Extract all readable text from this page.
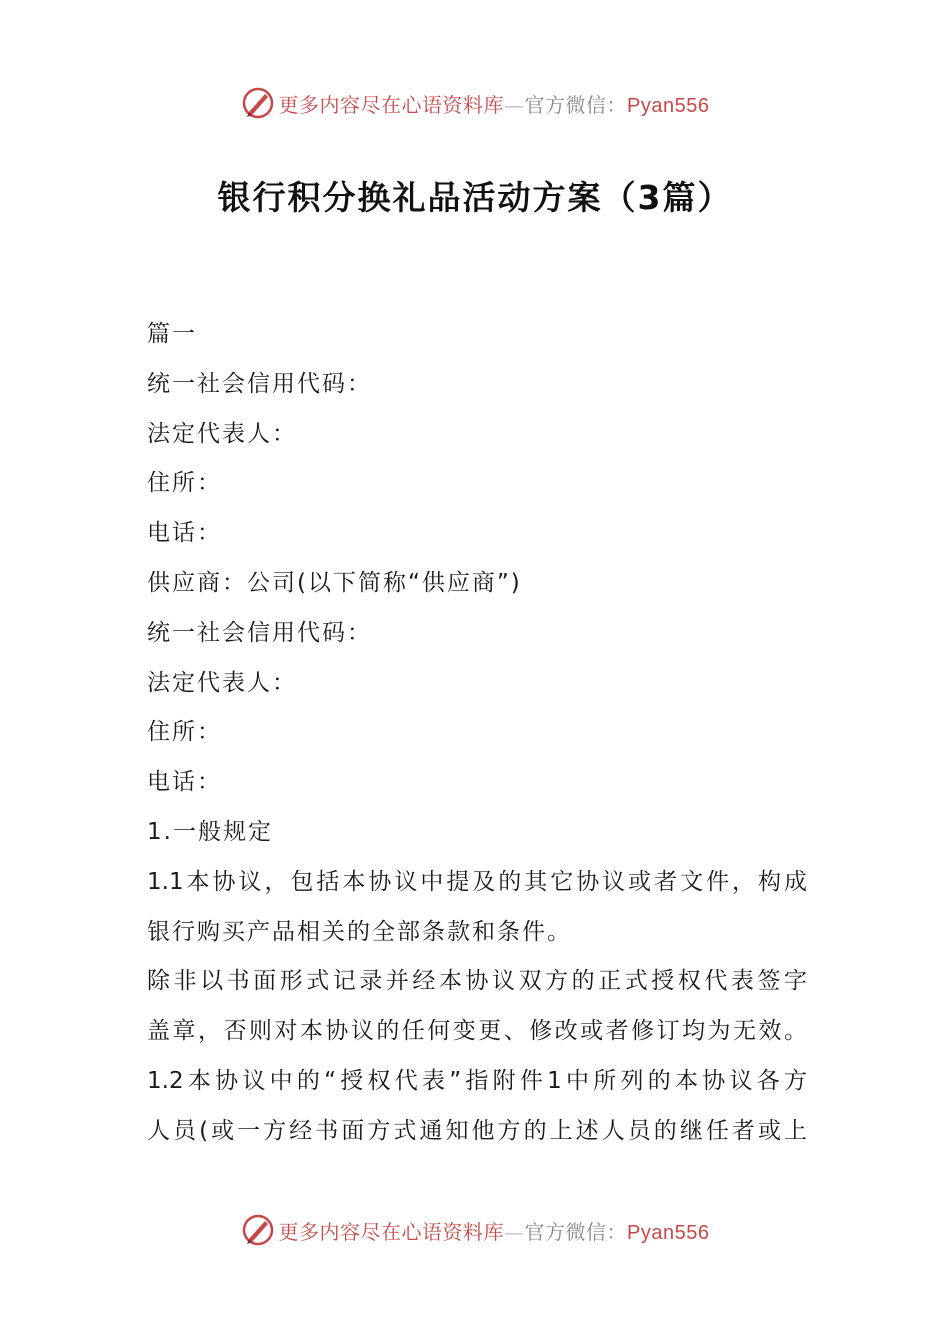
更多内容尽在心语资料库—官方微信：Pyan556
银行积分换礼品活动方案（3篇）
篇一
统一社会信用代码：
法定代表人：
住所：
电话：
供应商：公司(以下简称“供应商”)
统一社会信用代码：
法定代表人：
住所：
电话：
1.一般规定
1.1本协议，包括本协议中提及的其它协议或者文件，构成
银行购买产品相关的全部条款和条件。
除非以书面形式记录并经本协议双方的正式授权代表签字
盖章，否则对本协议的任何变更、修改或者修订均为无效。
1.2本协议中的“授权代表”指附件1中所列的本协议各方
人员(或一方经书面方式通知他方的上述人员的继任者或上
更多内容尽在心语资料库—官方微信：Pyan556
